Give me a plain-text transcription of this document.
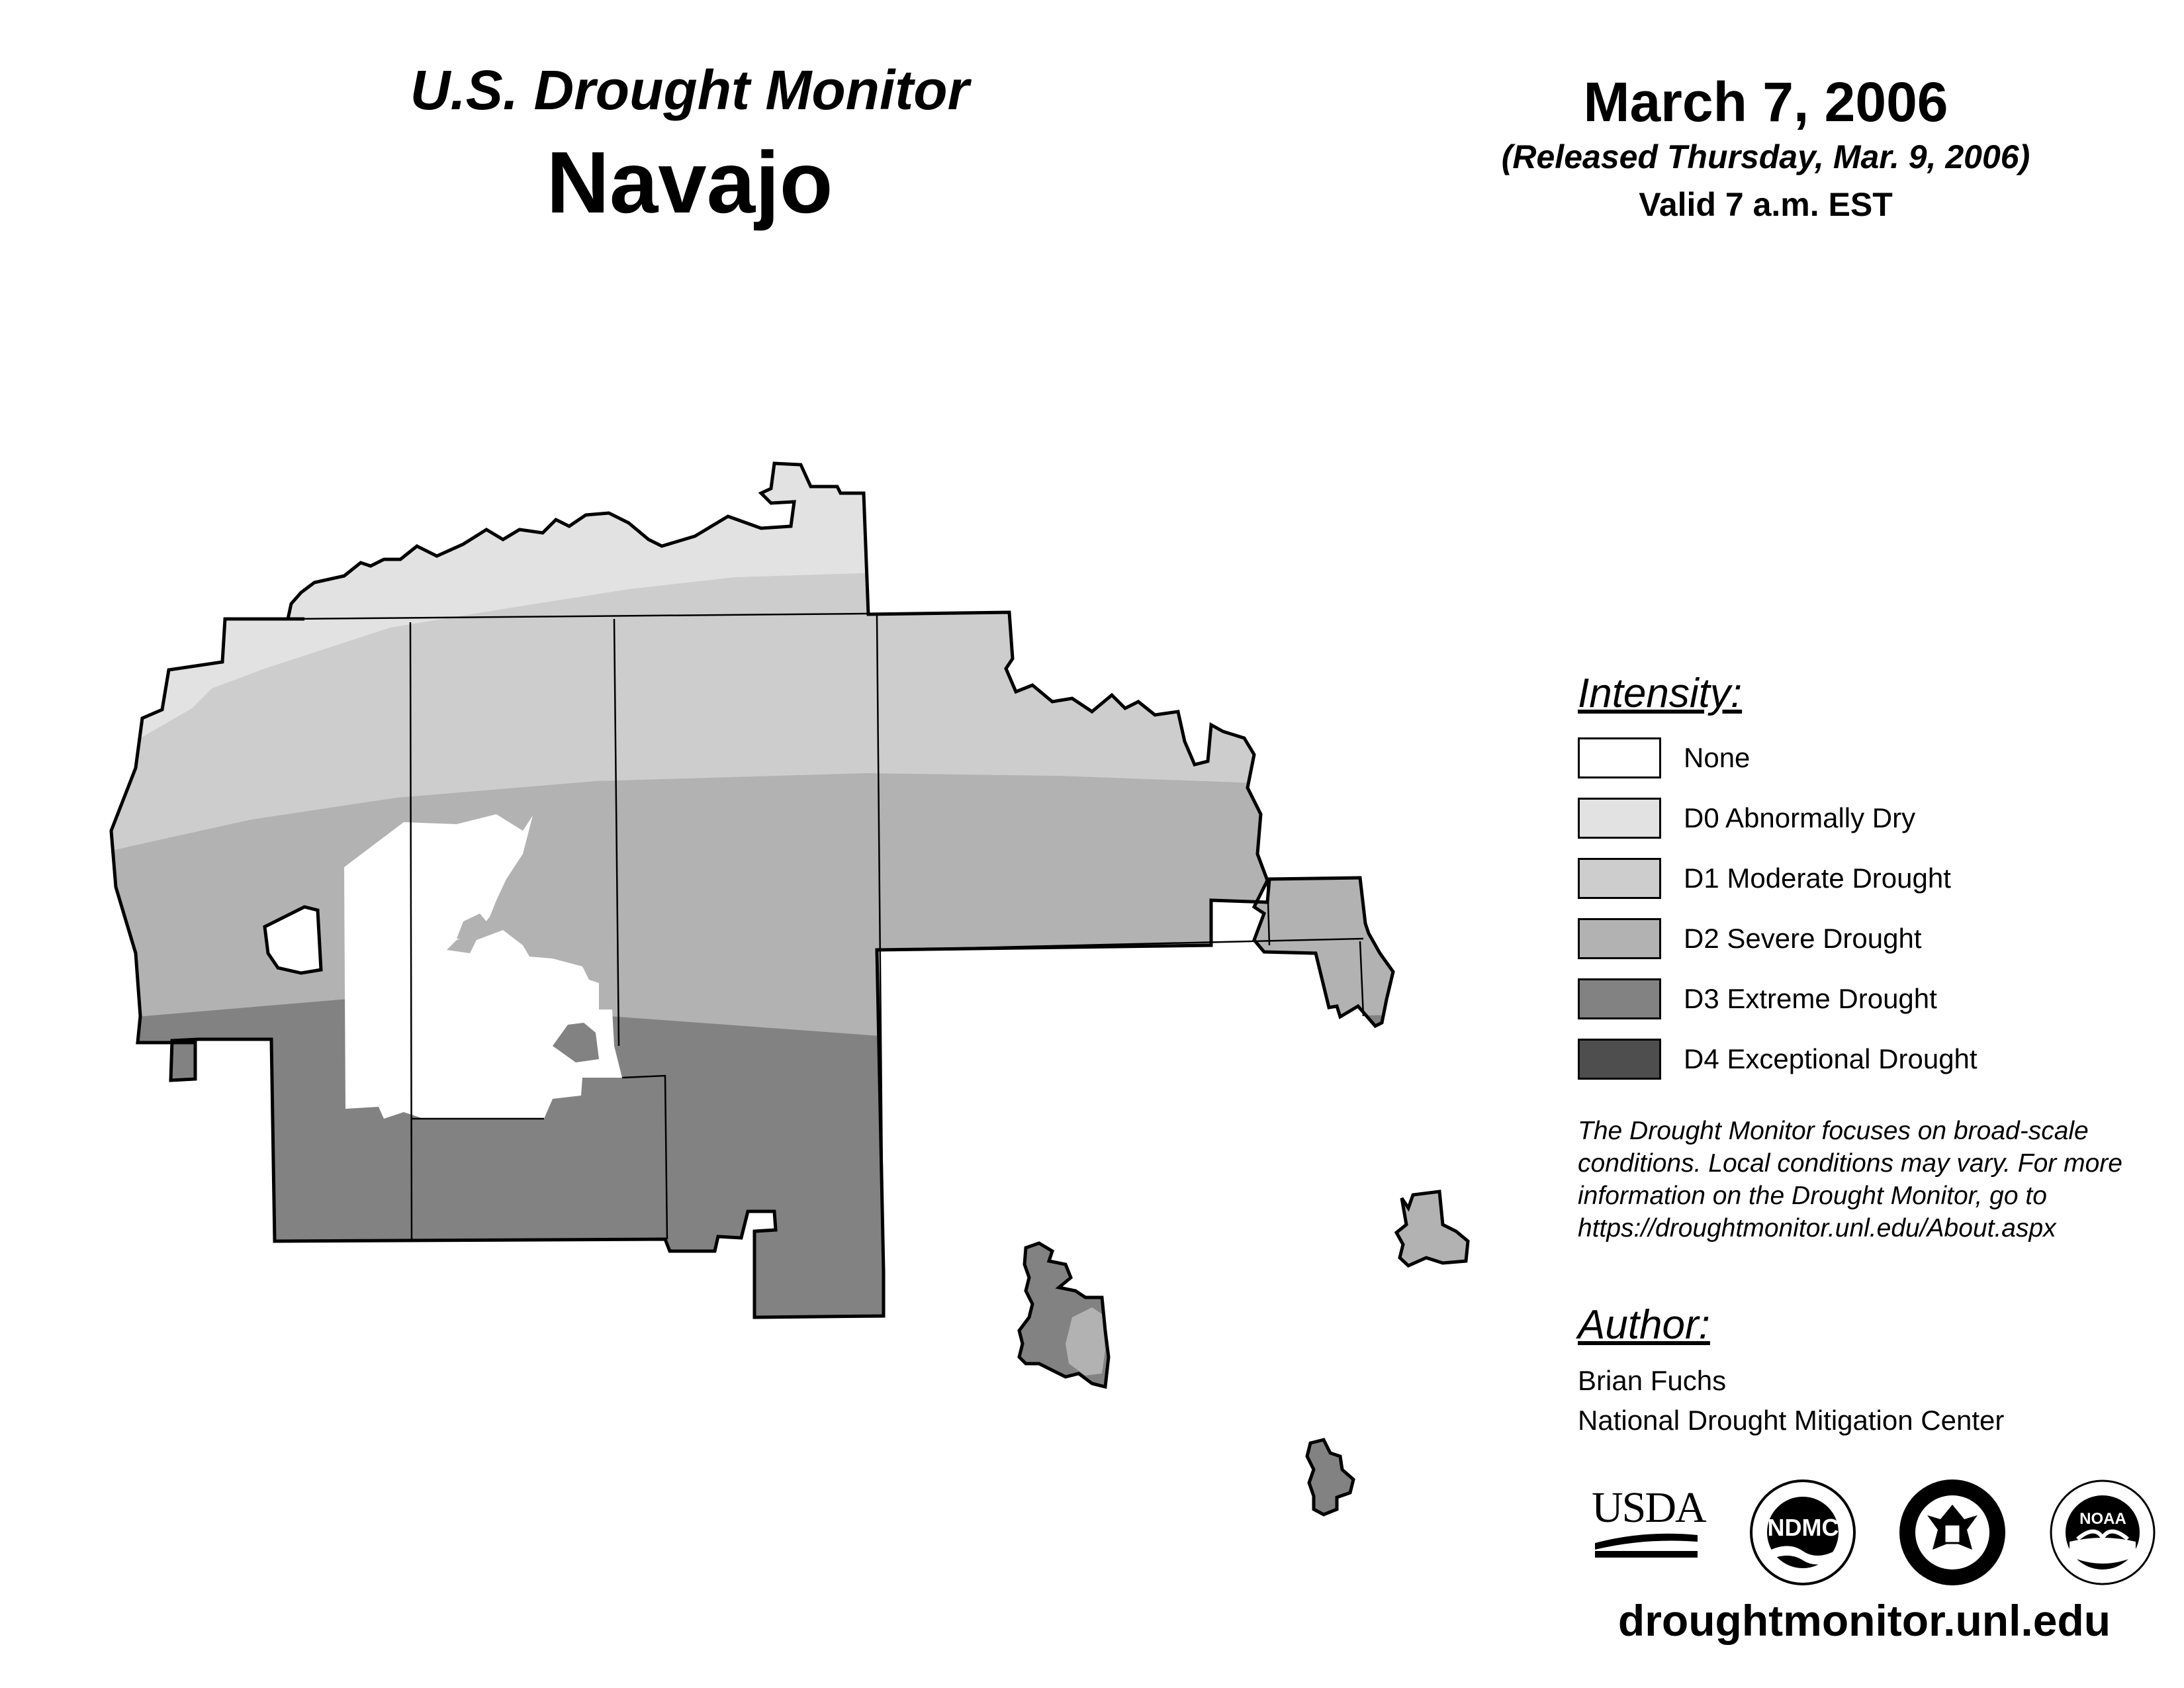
U.S. Drought Monitor
Navajo
March 7, 2006
(Released Thursday, Mar. 9, 2006)
Valid 7 a.m. EST
Intensity:
None
D0 Abnormally Dry
D1 Moderate Drought
D2 Severe Drought
D3 Extreme Drought
D4 Exceptional Drought
The Drought Monitor focuses on broad-scale conditions. Local conditions may vary. For more information on the Drought Monitor, go to https://droughtmonitor.unl.edu/About.aspx
Author:
Brian Fuchs
National Drought Mitigation Center
USDA	NDMC	NOAA
droughtmonitor.unl.edu
